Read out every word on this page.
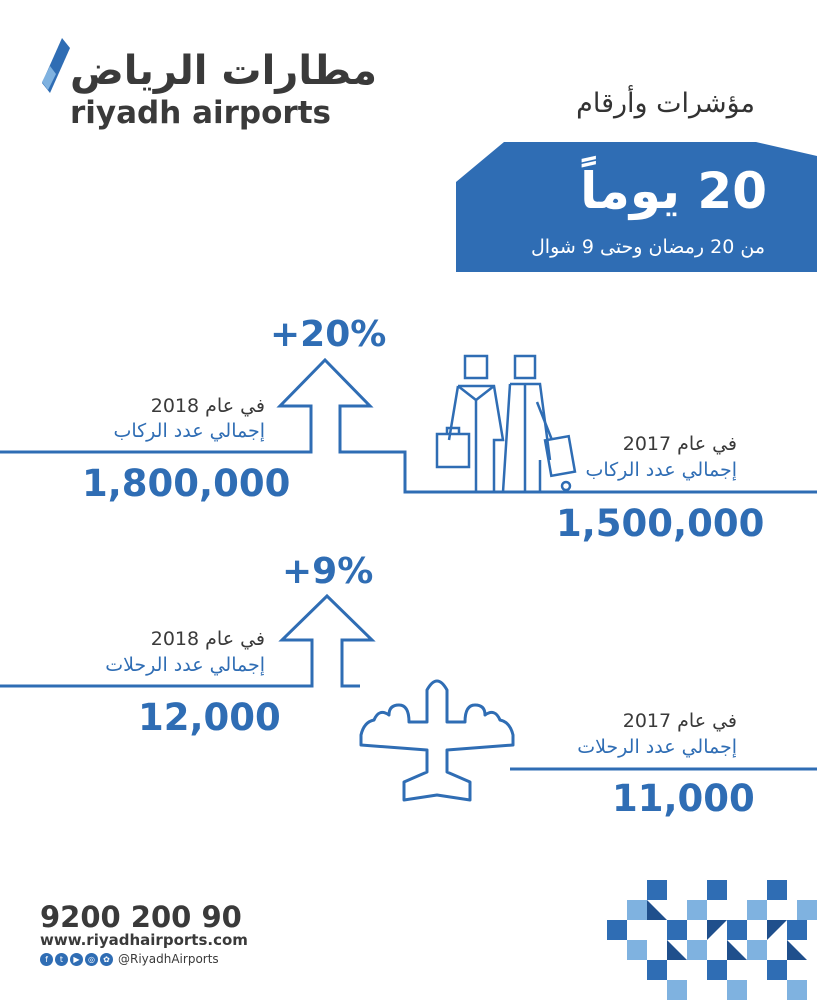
مطارات الرياض
riyadh airports	مؤشرات وأرقام
20 يوماً
من 20 رمضان وحتى 9 شوال
+20%
في عام 2018
إجمالي عدد الركاب
1,800,000
في عام 2017
إجمالي عدد الركاب
1,500,000
+9%
في عام 2018
إجمالي عدد الرحلات
12,000	في عام 2017
إجمالي عدد الرحلات
11,000
9200 200 90
www.riyadhairports.com
f	t	▶	◎	✿ @RiyadhAirports
